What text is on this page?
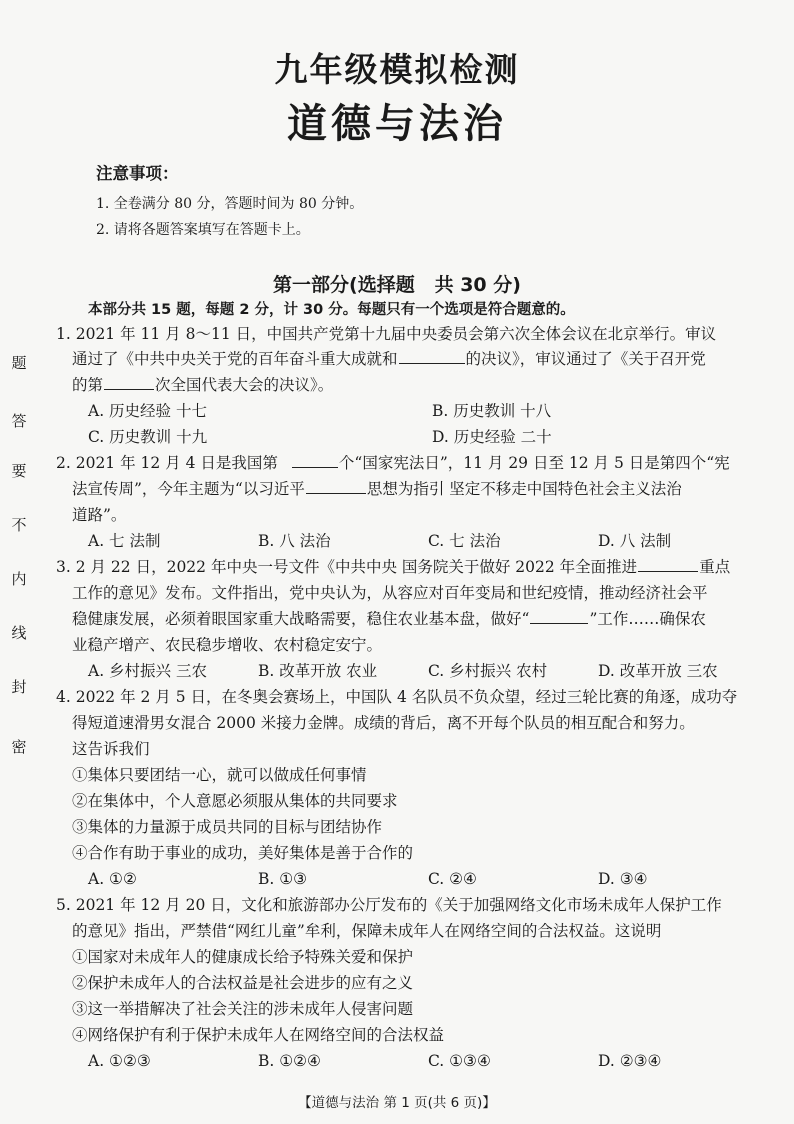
九年级模拟检测
道德与法治
注意事项：
1. 全卷满分 80 分，答题时间为 80 分钟。
2. 请将各题答案填写在答题卡上。
第一部分(选择题   共 30 分)
本部分共 15 题，每题 2 分，计 30 分。每题只有一个选项是符合题意的。
1. 2021 年 11 月 8～11 日，中国共产党第十九届中央委员会第六次全体会议在北京举行。审议
通过了《中共中央关于党的百年奋斗重大成就和	的决议》，审议通过了《关于召开党
的第	次全国代表大会的决议》。
A. 历史经验 十七	B. 历史教训 十八
C. 历史教训 十九	D. 历史经验 二十
2. 2021 年 12 月 4 日是我国第	个“国家宪法日”，11 月 29 日至 12 月 5 日是第四个“宪
法宣传周”，今年主题为“以习近平	思想为指引 坚定不移走中国特色社会主义法治
道路”。
A. 七 法制	B. 八 法治	C. 七 法治	D. 八 法制
3. 2 月 22 日，2022 年中央一号文件《中共中央 国务院关于做好 2022 年全面推进	重点
工作的意见》发布。文件指出，党中央认为，从容应对百年变局和世纪疫情，推动经济社会平
稳健康发展，必须着眼国家重大战略需要，稳住农业基本盘，做好“	”工作……确保农
业稳产增产、农民稳步增收、农村稳定安宁。
A. 乡村振兴 三农	B. 改革开放 农业	C. 乡村振兴 农村	D. 改革开放 三农
4. 2022 年 2 月 5 日，在冬奥会赛场上，中国队 4 名队员不负众望，经过三轮比赛的角逐，成功夺
得短道速滑男女混合 2000 米接力金牌。成绩的背后，离不开每个队员的相互配合和努力。
这告诉我们
①集体只要团结一心，就可以做成任何事情
②在集体中，个人意愿必须服从集体的共同要求
③集体的力量源于成员共同的目标与团结协作
④合作有助于事业的成功，美好集体是善于合作的
A. ①②	B. ①③	C. ②④	D. ③④
5. 2021 年 12 月 20 日，文化和旅游部办公厅发布的《关于加强网络文化市场未成年人保护工作
的意见》指出，严禁借“网红儿童”牟利，保障未成年人在网络空间的合法权益。这说明
①国家对未成年人的健康成长给予特殊关爱和保护
②保护未成年人的合法权益是社会进步的应有之义
③这一举措解决了社会关注的涉未成年人侵害问题
④网络保护有利于保护未成年人在网络空间的合法权益
A. ①②③	B. ①②④	C. ①③④	D. ②③④
密
封
线
内
不
要
答
题
【道德与法治 第 1 页(共 6 页)】
